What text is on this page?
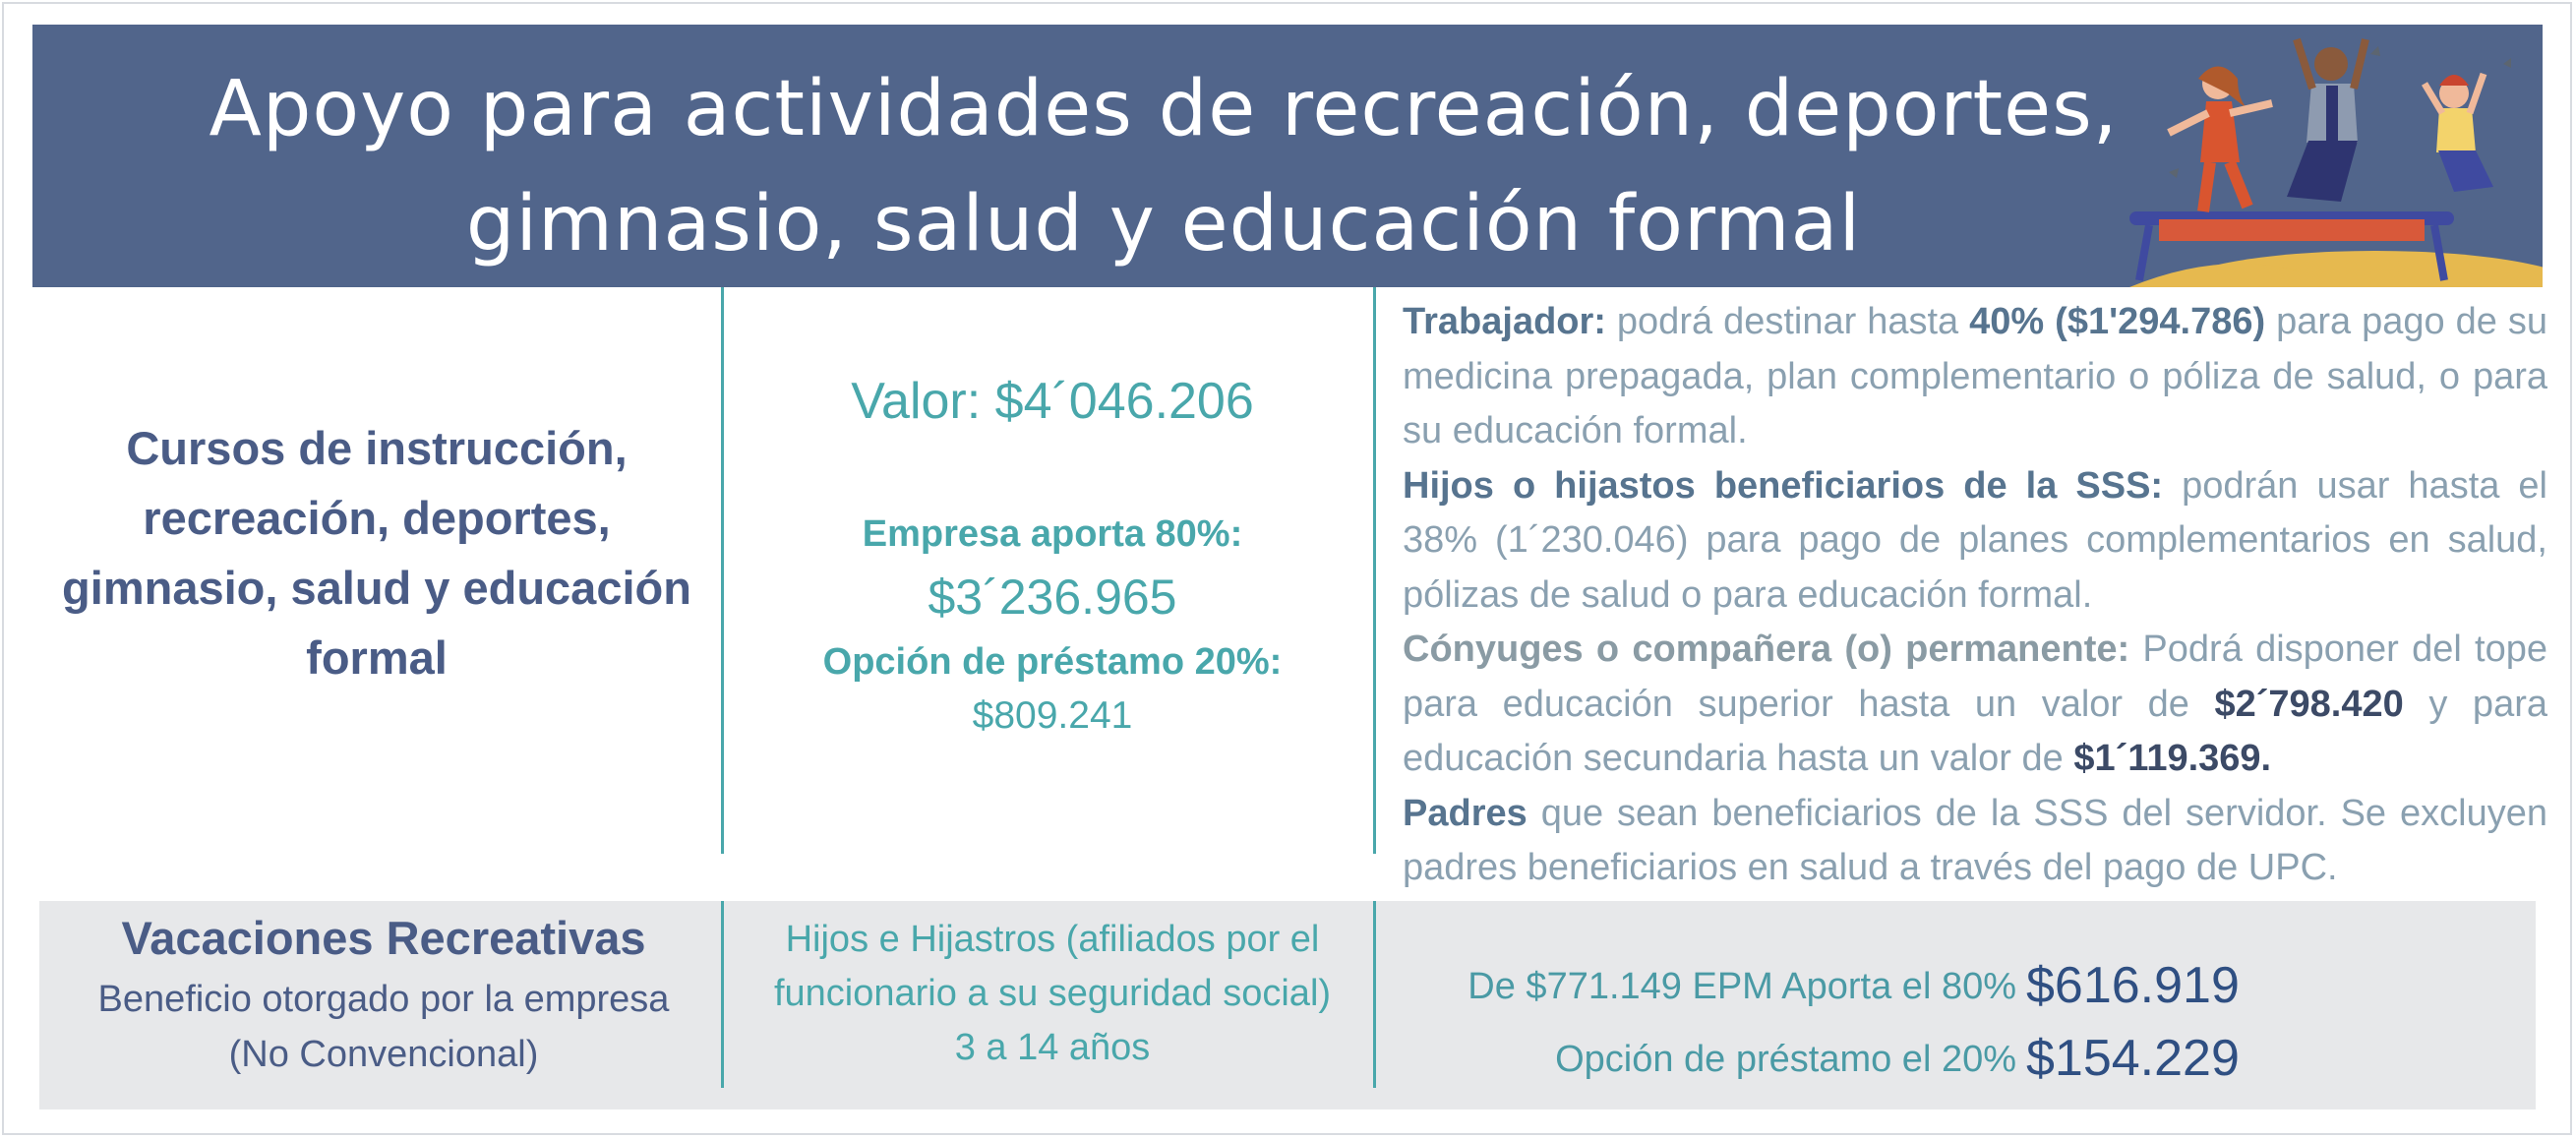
Apoyo para actividades de recreación, deportes,
gimnasio, salud y educación formal
Cursos de instrucción,
recreación, deportes,
gimnasio, salud y educación
formal
Valor: $4´046.206
Empresa aporta 80%:
$3´236.965
Opción de préstamo 20%:
$809.241

Trabajador: podrá destinar hasta 40% ($1'294.786) para pago de su medicina prepagada, plan complementario o póliza de salud, o para su educación formal.

Hijos o hijastos beneficiarios de la SSS: podrán usar hasta el 38% (1´230.046) para pago de planes complementarios en salud, pólizas de salud o para educación formal.

Cónyuges o compañera (o) permanente: Podrá disponer del tope para educación superior hasta un valor de $2´798.420 y para educación secundaria hasta un valor de $1´119.369.

Padres que sean beneficiarios de la SSS del servidor. Se excluyen padres beneficiarios en salud a través del pago de UPC.

Vacaciones Recreativas
Beneficio otorgado por la empresa
(No Convencional)
Hijos e Hijastros (afiliados por el
funcionario a su seguridad social)
3 a 14 años
De $771.149 EPM Aporta el 80% $616.919
Opción de préstamo el 20% $154.229
